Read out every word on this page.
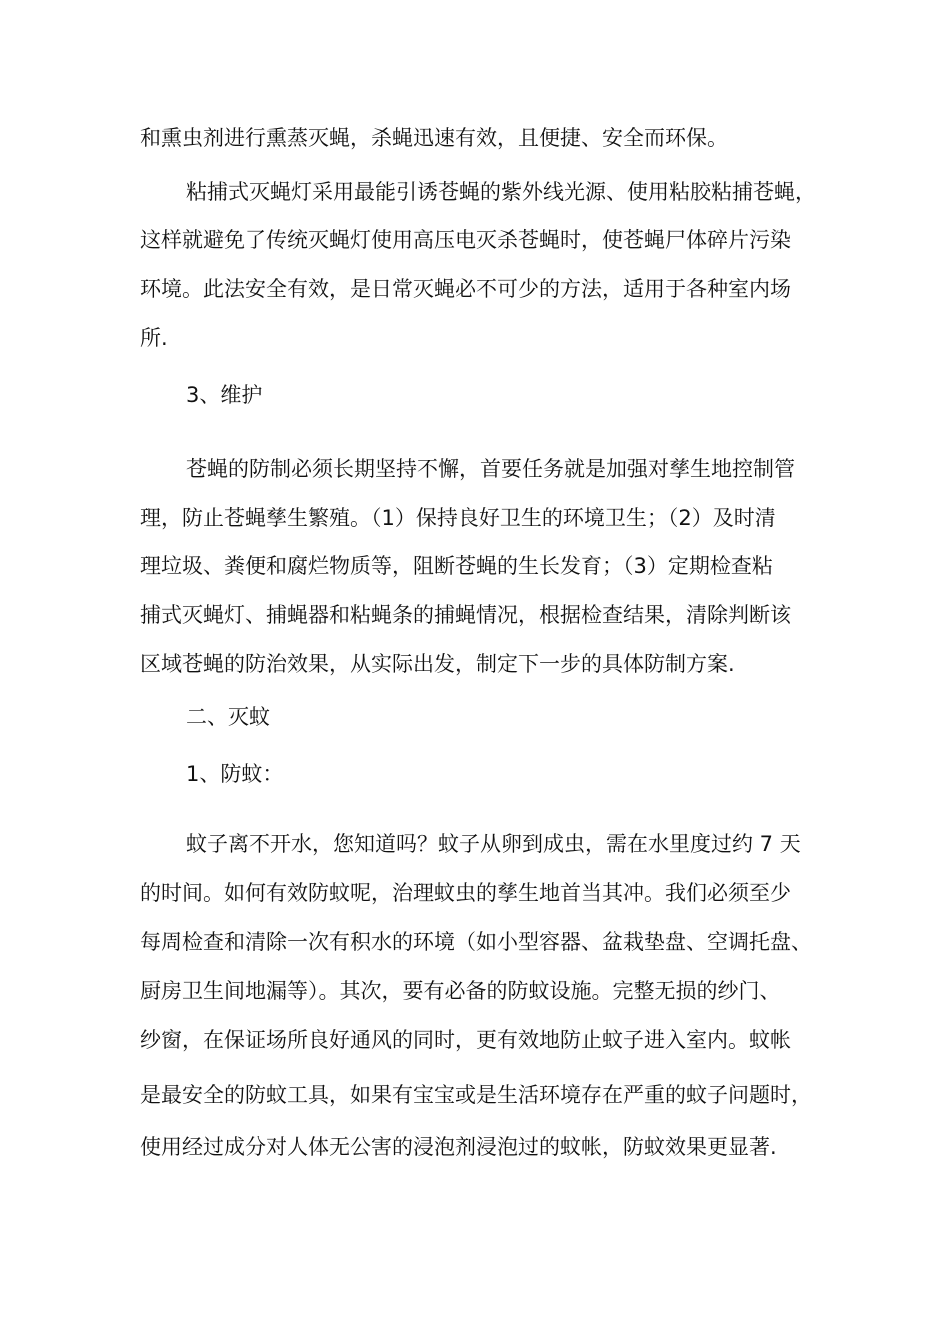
和熏虫剂进行熏蒸灭蝇，杀蝇迅速有效，且便捷、安全而环保。
粘捕式灭蝇灯采用最能引诱苍蝇的紫外线光源、使用粘胶粘捕苍蝇，
这样就避免了传统灭蝇灯使用高压电灭杀苍蝇时，使苍蝇尸体碎片污染
环境。此法安全有效，是日常灭蝇必不可少的方法，适用于各种室内场
所.
3、维护
苍蝇的防制必须长期坚持不懈，首要任务就是加强对孳生地控制管
理，防止苍蝇孳生繁殖。（1）保持良好卫生的环境卫生；（2）及时清
理垃圾、粪便和腐烂物质等，阻断苍蝇的生长发育；（3）定期检查粘
捕式灭蝇灯、捕蝇器和粘蝇条的捕蝇情况，根据检查结果，清除判断该
区域苍蝇的防治效果，从实际出发，制定下一步的具体防制方案.
二、灭蚊
1、防蚊：
蚊子离不开水，您知道吗？蚊子从卵到成虫，需在水里度过约 7 天
的时间。如何有效防蚊呢，治理蚊虫的孳生地首当其冲。我们必须至少
每周检查和清除一次有积水的环境（如小型容器、盆栽垫盘、空调托盘、
厨房卫生间地漏等）。其次，要有必备的防蚊设施。完整无损的纱门、
纱窗，在保证场所良好通风的同时，更有效地防止蚊子进入室内。蚊帐
是最安全的防蚊工具，如果有宝宝或是生活环境存在严重的蚊子问题时，
使用经过成分对人体无公害的浸泡剂浸泡过的蚊帐，防蚊效果更显著.
